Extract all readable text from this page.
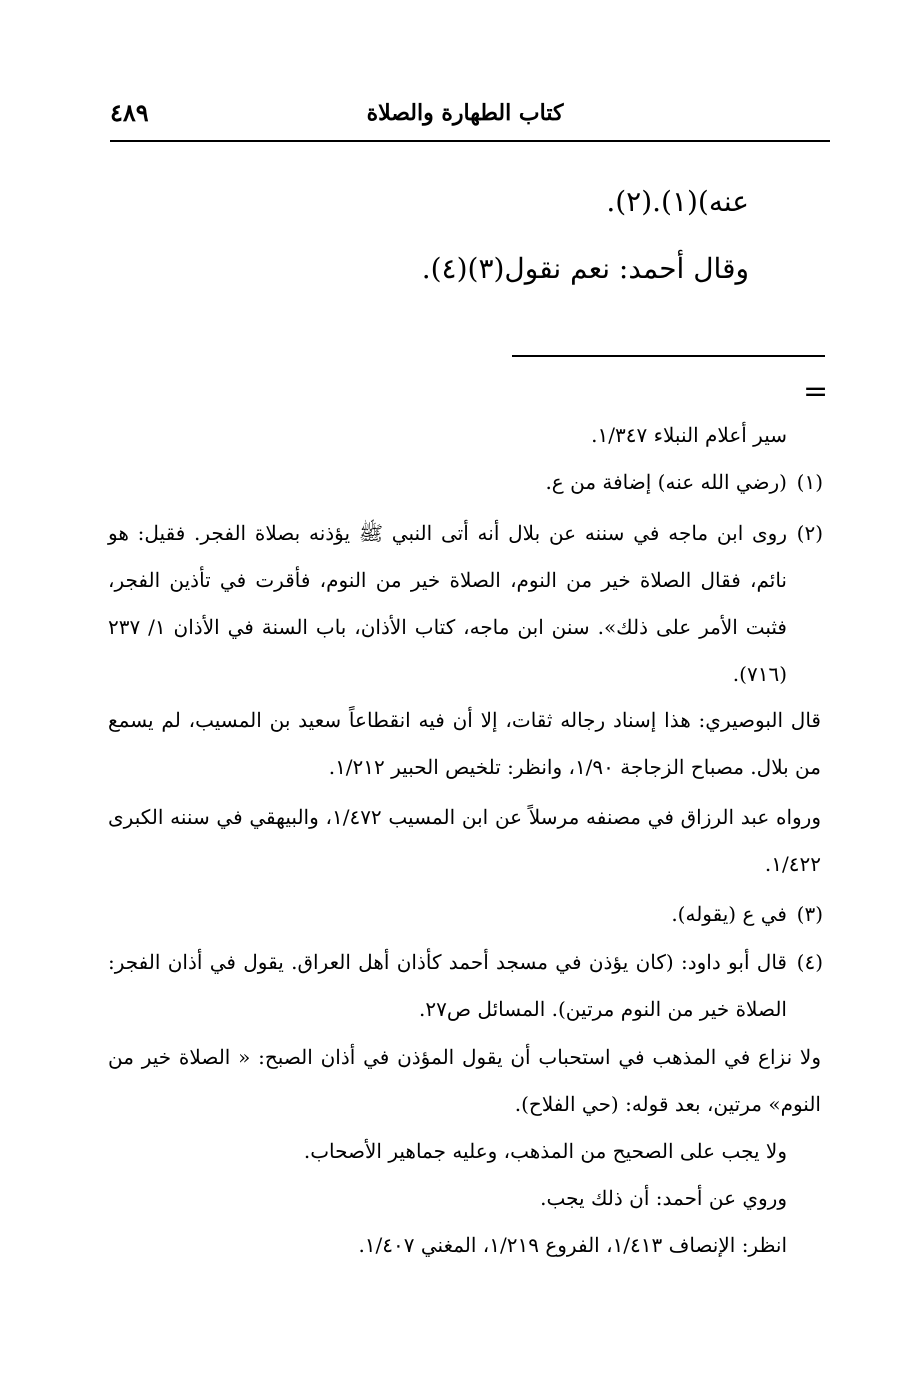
كتاب الطهارة والصلاة
٤٨٩
عنه)(١).(٢).
وقال أحمد: نعم نقول(٣)(٤).
=
سير أعلام النبلاء ١/٣٤٧.
(١)
(رضي الله عنه) إضافة من ع.
(٢)
روى ابن ماجه في سننه عن بلال أنه أتى النبي ﷺ يؤذنه بصلاة الفجر. فقيل: هو نائم، فقال الصلاة خير من النوم، الصلاة خير من النوم، فأقرت في تأذين الفجر، فثبت الأمر على ذلك». سنن ابن ماجه، كتاب الأذان، باب السنة في الأذان ١/ ٢٣٧ (٧١٦).
قال البوصيري: هذا إسناد رجاله ثقات، إلا أن فيه انقطاعاً سعيد بن المسيب، لم يسمع من بلال. مصباح الزجاجة ١/٩٠، وانظر: تلخيص الحبير ١/٢١٢.
ورواه عبد الرزاق في مصنفه مرسلاً عن ابن المسيب ١/٤٧٢، والبيهقي في سننه الكبرى ١/٤٢٢.
(٣)
في ع (يقوله).
(٤)
قال أبو داود: (كان يؤذن في مسجد أحمد كأذان أهل العراق. يقول في أذان الفجر: الصلاة خير من النوم مرتين). المسائل ص٢٧.
ولا نزاع في المذهب في استحباب أن يقول المؤذن في أذان الصبح: « الصلاة خير من النوم» مرتين، بعد قوله: (حي الفلاح).
ولا يجب على الصحيح من المذهب، وعليه جماهير الأصحاب.
وروي عن أحمد: أن ذلك يجب.
انظر: الإنصاف ١/٤١٣، الفروع ١/٢١٩، المغني ١/٤٠٧.
